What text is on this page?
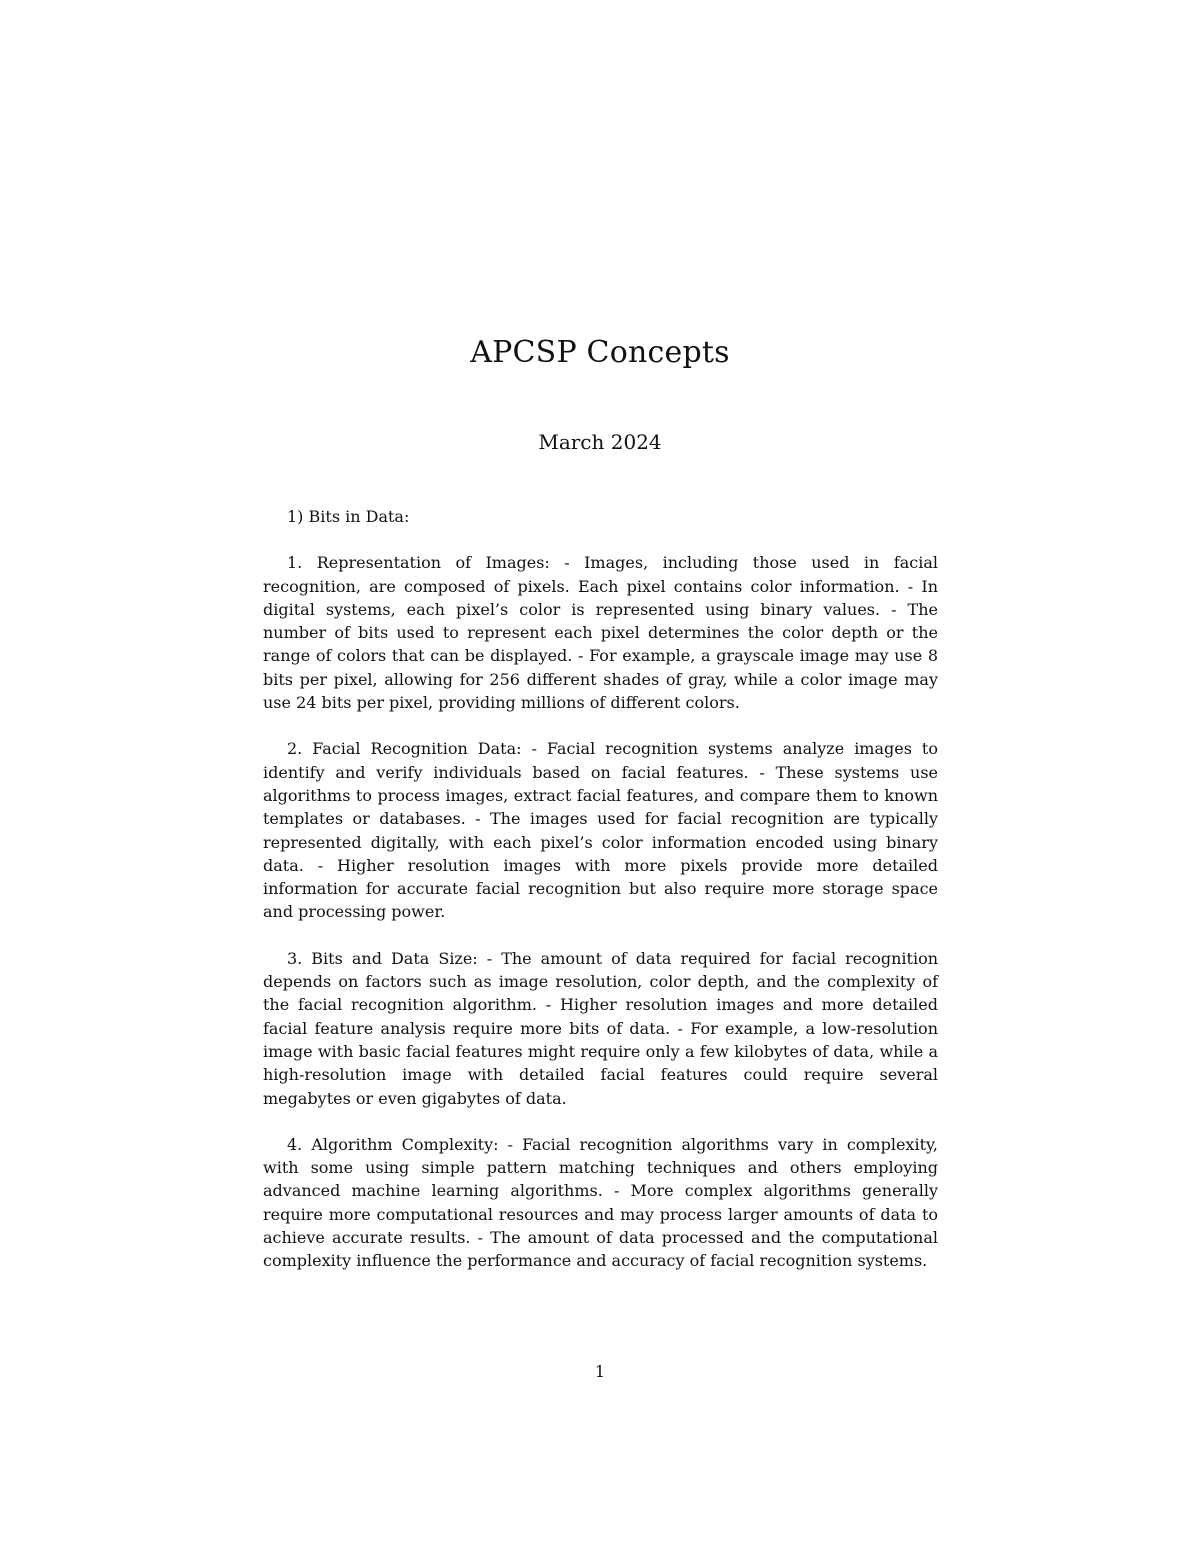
APCSP Concepts
March 2024

1) Bits in Data:

1. Representation of Images: - Images, including those used in facial recognition, are composed of pixels. Each pixel contains color information. - In digital systems, each pixel’s color is represented using binary values. - The number of bits used to represent each pixel determines the color depth or the range of colors that can be displayed. - For example, a grayscale image may use 8 bits per pixel, allowing for 256 different shades of gray, while a color image may use 24 bits per pixel, providing millions of different colors.

2. Facial Recognition Data: - Facial recognition systems analyze images to identify and verify individuals based on facial features. - These systems use algorithms to process images, extract facial features, and compare them to known templates or databases. - The images used for facial recognition are typically represented digitally, with each pixel’s color information encoded using binary data. - Higher resolution images with more pixels provide more detailed information for accurate facial recognition but also require more storage space and processing power.

3. Bits and Data Size: - The amount of data required for facial recognition depends on factors such as image resolution, color depth, and the complexity of the facial recognition algorithm. - Higher resolution images and more detailed facial feature analysis require more bits of data. - For example, a low-resolution image with basic facial features might require only a few kilobytes of data, while a high-resolution image with detailed facial features could require several megabytes or even gigabytes of data.

4. Algorithm Complexity: - Facial recognition algorithms vary in complexity, with some using simple pattern matching techniques and others employing advanced machine learning algorithms. - More complex algorithms generally require more computational resources and may process larger amounts of data to achieve accurate results. - The amount of data processed and the computational complexity influence the performance and accuracy of facial recognition systems.

1
